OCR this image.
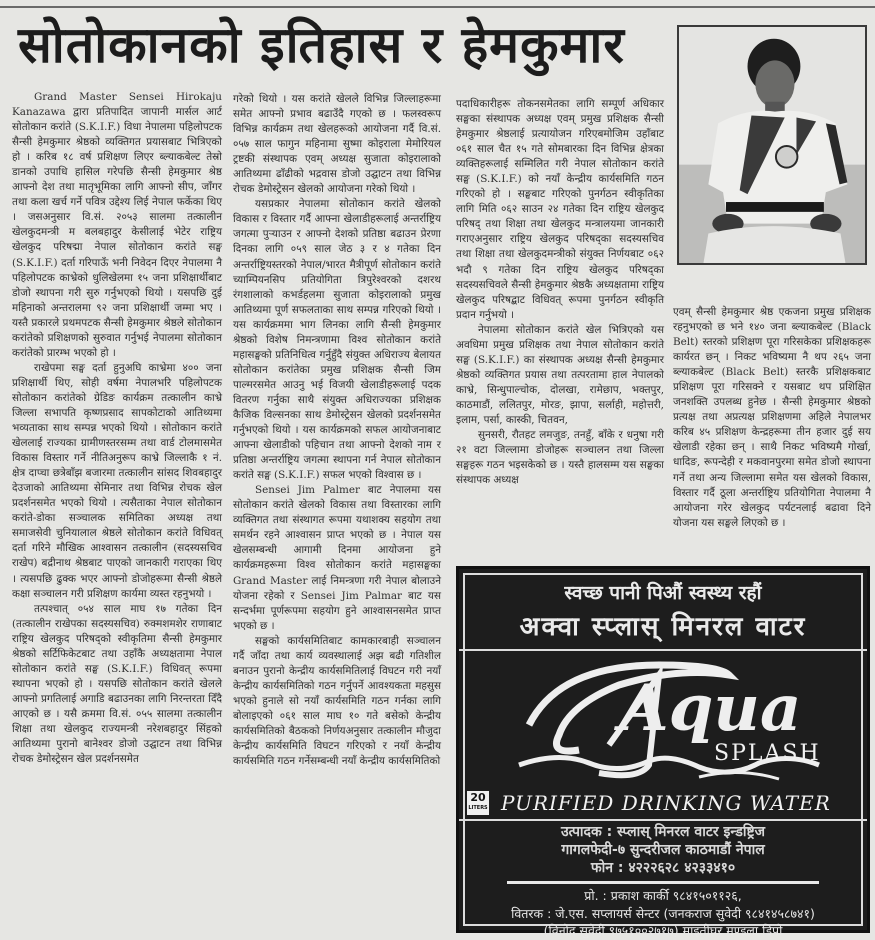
सोतोकानको इतिहास र हेमकुमार

Grand Master Sensei Hirokaju Kanazawa द्वारा प्रतिपादित जापानी मार्सल आर्ट सोतोकान करांते (S.K.I.F.) विधा नेपालमा पहिलोपटक सैन्सी हेमकुमार श्रेष्ठको व्यक्तिगत प्रयासबाट भित्रिएको हो । करिब १८ वर्ष प्रशिक्षण लिएर ब्ल्याकबेल्ट तेस्रो डानको उपाधि हासिल गरेपछि सैन्सी हेमकुमार श्रेष्ठ आफ्नो देश तथा मातृभूमिका लागि आफ्नो सीप, जाँगर तथा कला खर्च गर्ने पवित्र उद्देश्य लिई नेपाल फर्केका थिए । जसअनुसार वि.सं. २०५३ सालमा तत्कालीन खेलकुदमन्त्री म बलबहादुर केसीलाई भेटेर राष्ट्रिय खेलकुद परिषद्मा नेपाल सोतोकान करांते सङ्घ (S.K.I.F.) दर्ता गरिपाऊँ भनी निवेदन दिएर नेपालमा नै पहिलोपटक काभ्रेको धुलिखेलमा १५ जना प्रशिक्षार्थीबाट डोजो स्थापना गरी सुरु गर्नुभएको थियो । यसपछि दुई महिनाको अन्तरालमा ९२ जना प्रशिक्षार्थी जम्मा भए । यस्तै प्रकारले प्रथमपटक सैन्सी हेमकुमार श्रेष्ठले सोतोकान करांतेको प्रशिक्षणको सुरुवात गर्नुभई नेपालमा सोतोकान करांतेको प्रारम्भ भएको हो ।

राखेपमा सङ्घ दर्ता हुनुअघि काभ्रेमा ४०० जना प्रशिक्षार्थी थिए, सोही वर्षमा नेपालभरि पहिलोपटक सोतोकान करांतेको ग्रेडिङ कार्यक्रम तत्कालीन काभ्रे जिल्ला सभापति कृष्णप्रसाद सापकोटाको आतिथ्यमा भव्यताका साथ सम्पन्न भएको थियो । सोतोकान करांते खेललाई राज्यका ग्रामीणस्तरसम्म तथा वार्ड टोलमासमेत विकास विस्तार गर्ने नीतिअनुरूप काभ्रे जिल्लाकै १ नं. क्षेत्र दाप्चा छत्रेबाँझ बजारमा तत्कालीन सांसद शिवबहादुर देउजाको आतिथ्यमा सेमिनार तथा विभिन्न रोचक खेल प्रदर्शनसमेत भएको थियो । त्यसैताका नेपाल सोतोकान करांते-डोका सञ्चालक समितिका अध्यक्ष तथा समाजसेवी चुनियालाल श्रेष्ठले सोतोकान करांते विधिवत् दर्ता गरिने मौखिक आश्वासन तत्कालीन (सदस्यसचिव राखेप) बद्रीनाथ श्रेष्ठबाट पाएको जानकारी गराएका थिए । त्यसपछि ढुक्क भएर आफ्नो डोजोहरूमा सैन्सी श्रेष्ठले कक्षा सञ्चालन गरी प्रशिक्षण कार्यमा व्यस्त रहनुभयो ।

तत्पश्चात् ०५४ साल माघ १७ गतेका दिन (तत्कालीन राखेपका सदस्यसचिव) रुक्मशमशेर राणाबाट राष्ट्रिय खेलकुद परिषद्को स्वीकृतिमा सैन्सी हेमकुमार श्रेष्ठको सर्टिफिकेटबाट तथा उहाँकै अध्यक्षतामा नेपाल सोतोकान करांते सङ्घ (S.K.I.F.) विधिवत् रूपमा स्थापना भएको हो । यसपछि सोतोकान करांते खेलले आफ्नो प्रगतिलाई अगाडि बढाउनका लागि निरन्तरता दिँदै आएको छ । यसै क्रममा वि.सं. ०५५ सालमा तत्कालीन शिक्षा तथा खेलकुद राज्यमन्त्री नरेशबहादुर सिंहको आतिथ्यमा पुरानो बानेश्वर डोजो उद्घाटन तथा विभिन्न रोचक डेमोस्ट्रेसन खेल प्रदर्शनसमेत

गरेको थियो । यस करांते खेलले विभिन्न जिल्लाहरूमा समेत आफ्नो प्रभाव बढाउँदै गएको छ । फलस्वरूप विभिन्न कार्यक्रम तथा खेलहरूको आयोजना गर्दै वि.सं. ०५७ साल फागुन महिनामा सुष्मा कोइराला मेमोरियल ट्रष्टकी संस्थापक एवम् अध्यक्ष सुजाता कोइरालाको आतिथ्यमा ढाँढीको भद्रवास डोजो उद्घाटन तथा विभिन्न रोचक डेमोस्ट्रेसन खेलको आयोजना गरेको थियो ।

यसप्रकार नेपालमा सोतोकान करांते खेलको विकास र विस्तार गर्दै आफ्ना खेलाडीहरूलाई अन्तर्राष्ट्रिय जगत्मा पुर्‍याउन र आफ्नो देशको प्रतिष्ठा बढाउन प्रेरणा दिनका लागि ०५९ साल जेठ ३ र ४ गतेका दिन अन्तर्राष्ट्रियस्तरको नेपाल/भारत मैत्रीपूर्ण सोतोकान करांते च्याम्पियनसिप प्रतियोगिता त्रिपुरेश्वरको दशरथ रंगशालाको कभर्डहलमा सुजाता कोइरालाको प्रमुख आतिथ्यमा पूर्ण सफलताका साथ सम्पन्न गरिएको थियो । यस कार्यक्रममा भाग लिनका लागि सैन्सी हेमकुमार श्रेष्ठको विशेष निमन्त्रणामा विश्व सोतोकान करांते महासङ्घको प्रतिनिधित्व गर्नुहुँदै संयुक्त अधिराज्य बेलायत सोतोकान करांतेका प्रमुख प्रशिक्षक सैन्सी जिम पाल्मरसमेत आउनु भई विजयी खेलाडीहरूलाई पदक वितरण गर्नुका साथै संयुक्त अधिराज्यका प्रशिक्षक कैजिक विल्सनका साथ डेमोस्ट्रेसन खेलको प्रदर्शनसमेत गर्नुभएको थियो । यस कार्यक्रमको सफल आयोजनाबाट आफ्ना खेलाडीको पहिचान तथा आफ्नो देशको नाम र प्रतिष्ठा अन्तर्राष्ट्रिय जगत्मा स्थापना गर्न नेपाल सोतोकान करांते सङ्घ (S.K.I.F.) सफल भएको विश्वास छ ।

Sensei Jim Palmer बाट नेपालमा यस सोतोकान करांते खेलको विकास तथा विस्तारका लागि व्यक्तिगत तथा संस्थागत रूपमा यथाशक्य सहयोग तथा समर्थन रहने आश्वासन प्राप्त भएको छ । नेपाल यस खेलसम्बन्धी आगामी दिनमा आयोजना हुने कार्यक्रमहरूमा विश्व सोतोकान करांते महासङ्घका Grand Master लाई निमन्त्रणा गरी नेपाल बोलाउने योजना रहेको र Sensei Jim Palmar बाट यस सन्दर्भमा पूर्णरूपमा सहयोग हुने आश्वासनसमेत प्राप्त भएको छ ।

सङ्घको कार्यसमितिबाट कामकारबाही सञ्चालन गर्दै जाँदा तथा कार्य व्यवस्थालाई अझ बढी गतिशील बनाउन पुरानो केन्द्रीय कार्यसमितिलाई विघटन गरी नयाँ केन्द्रीय कार्यसमितिको गठन गर्नुपर्ने आवश्यकता महसुस भएको हुनाले सो नयाँ कार्यसमिति गठन गर्नका लागि बोलाइएको ०६१ साल माघ १० गते बसेको केन्द्रीय कार्यसमितिको बैठकको निर्णयअनुसार तत्कालीन मौजुदा केन्द्रीय कार्यसमिति विघटन गरिएको र नयाँ केन्द्रीय कार्यसमिति गठन गर्नेसम्बन्धी नयाँ केन्द्रीय कार्यसमितिको

पदाधिकारीहरू तोकनसमेतका लागि सम्पूर्ण अधिकार सङ्घका संस्थापक अध्यक्ष एवम् प्रमुख प्रशिक्षक सैन्सी हेमकुमार श्रेष्ठलाई प्रत्यायोजन गरिएबमोजिम उहाँबाट ०६१ साल चैत १५ गते सोमबारका दिन विभिन्न क्षेत्रका व्यक्तिहरूलाई सम्मिलित गरी नेपाल सोतोकान करांते सङ्घ (S.K.I.F.) को नयाँ केन्द्रीय कार्यसमिति गठन गरिएको हो । सङ्घबाट गरिएको पुनर्गठन स्वीकृतिका लागि मिति ०६२ साउन २४ गतेका दिन राष्ट्रिय खेलकुद परिषद् तथा शिक्षा तथा खेलकुद मन्त्रालयमा जानकारी गराएअनुसार राष्ट्रिय खेलकुद परिषद्का सदस्यसचिव तथा शिक्षा तथा खेलकुदमन्त्रीको संयुक्त निर्णयबाट ०६२ भदौ ९ गतेका दिन राष्ट्रिय खेलकुद परिषद्का सदस्यसचिवले सैन्सी हेमकुमार श्रेष्ठकै अध्यक्षतामा राष्ट्रिय खेलकुद परिषद्बाट विधिवत् रूपमा पुनर्गठन स्वीकृति प्रदान गर्नुभयो ।

नेपालमा सोतोकान करांते खेल भित्रिएको यस अवधिमा प्रमुख प्रशिक्षक तथा नेपाल सोतोकान करांते सङ्घ (S.K.I.F.) का संस्थापक अध्यक्ष सैन्सी हेमकुमार श्रेष्ठको व्यक्तिगत प्रयास तथा तत्परतामा हाल नेपालको काभ्रे, सिन्धुपाल्चोक, दोलखा, रामेछाप, भक्तपुर, काठमाडौं, ललितपुर, मोरङ, झापा, सर्लाही, महोत्तरी, इलाम, पर्सा, कास्की, चितवन,

सुनसरी, रौतहट लमजुङ, तनहुँ, बाँके र धनुषा गरी २१ वटा जिल्लामा डोजोहरू सञ्चालन तथा जिल्ला सङ्घहरू गठन भइसकेको छ । यस्तै हालसम्म यस सङ्घका संस्थापक अध्यक्ष

एवम् सैन्सी हेमकुमार श्रेष्ठ एकजना प्रमुख प्रशिक्षक रहनुभएको छ भने १४० जना ब्ल्याकबेल्ट (Black Belt) स्तरको प्रशिक्षण पूरा गरिसकेका प्रशिक्षकहरू कार्यरत छन् । निकट भविष्यमा नै थप २६५ जना ब्ल्याकबेल्ट (Black Belt) स्तरकै प्रशिक्षकबाट प्रशिक्षण पूरा गरिसक्ने र यसबाट थप प्रशिक्षित जनशक्ति उपलब्ध हुनेछ । सैन्सी हेमकुमार श्रेष्ठको प्रत्यक्ष तथा अप्रत्यक्ष प्रशिक्षणमा अहिले नेपालभर करिब ४५ प्रशिक्षण केन्द्रहरूमा तीन हजार दुई सय खेलाडी रहेका छन् । साथै निकट भविष्यमै गोर्खा, धादिङ, रूपन्देही र मकवानपुरमा समेत डोजो स्थापना गर्ने तथा अन्य जिल्लामा समेत यस खेलको विकास, विस्तार गर्दै ठूला अन्तर्राष्ट्रिय प्रतियोगिता नेपालमा नै आयोजना गरेर खेलकुद पर्यटनलाई बढावा दिने योजना यस सङ्घले लिएको छ ।
स्वच्छ पानी पिऔं स्वस्थ्य रहौं
अक्वा स्प्लास् मिनरल वाटर
Aqua
SPLASH
20
LITERS PURIFIED DRINKING WATER
उत्पादक : स्प्लास् मिनरल वाटर इन्डष्ट्रिज
गागलफेदी-७ सुन्दरीजल काठमाडौं नेपाल
फोन : ४२२२६२८ ४२३३४१०
प्रो. : प्रकाश कार्की ९८४१५०११२६,
वितरक : जे.एस. सप्लायर्स सेन्टर (जनकराज सुवेदी ९८४१४५८७४१)
(विनोद सुवेदी ९७५१००२७१७) माइतीघर मण्डला डिपो
